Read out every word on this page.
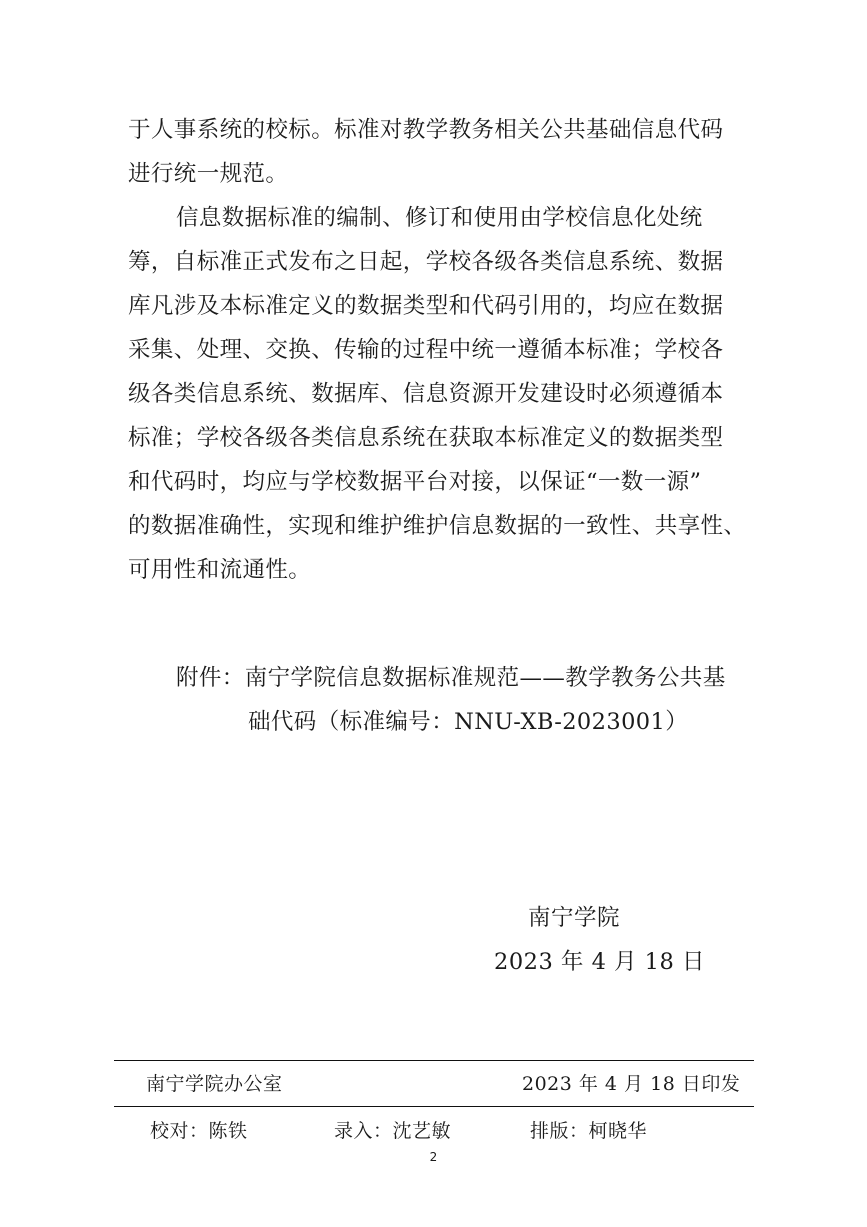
于人事系统的校标。标准对教学教务相关公共基础信息代码
进行统一规范。
信息数据标准的编制、修订和使用由学校信息化处统
筹，自标准正式发布之日起，学校各级各类信息系统、数据
库凡涉及本标准定义的数据类型和代码引用的，均应在数据
采集、处理、交换、传输的过程中统一遵循本标准；学校各
级各类信息系统、数据库、信息资源开发建设时必须遵循本
标准；学校各级各类信息系统在获取本标准定义的数据类型
和代码时，均应与学校数据平台对接，以保证“一数一源”
的数据准确性，实现和维护维护信息数据的一致性、共享性、
可用性和流通性。
附件：南宁学院信息数据标准规范——教学教务公共基
础代码（标准编号：NNU-XB-2023001）
南宁学院
2023 年 4 月 18 日
南宁学院办公室	2023 年 4 月 18 日印发
校对：陈铁	录入：沈艺敏	排版：柯晓华
2
